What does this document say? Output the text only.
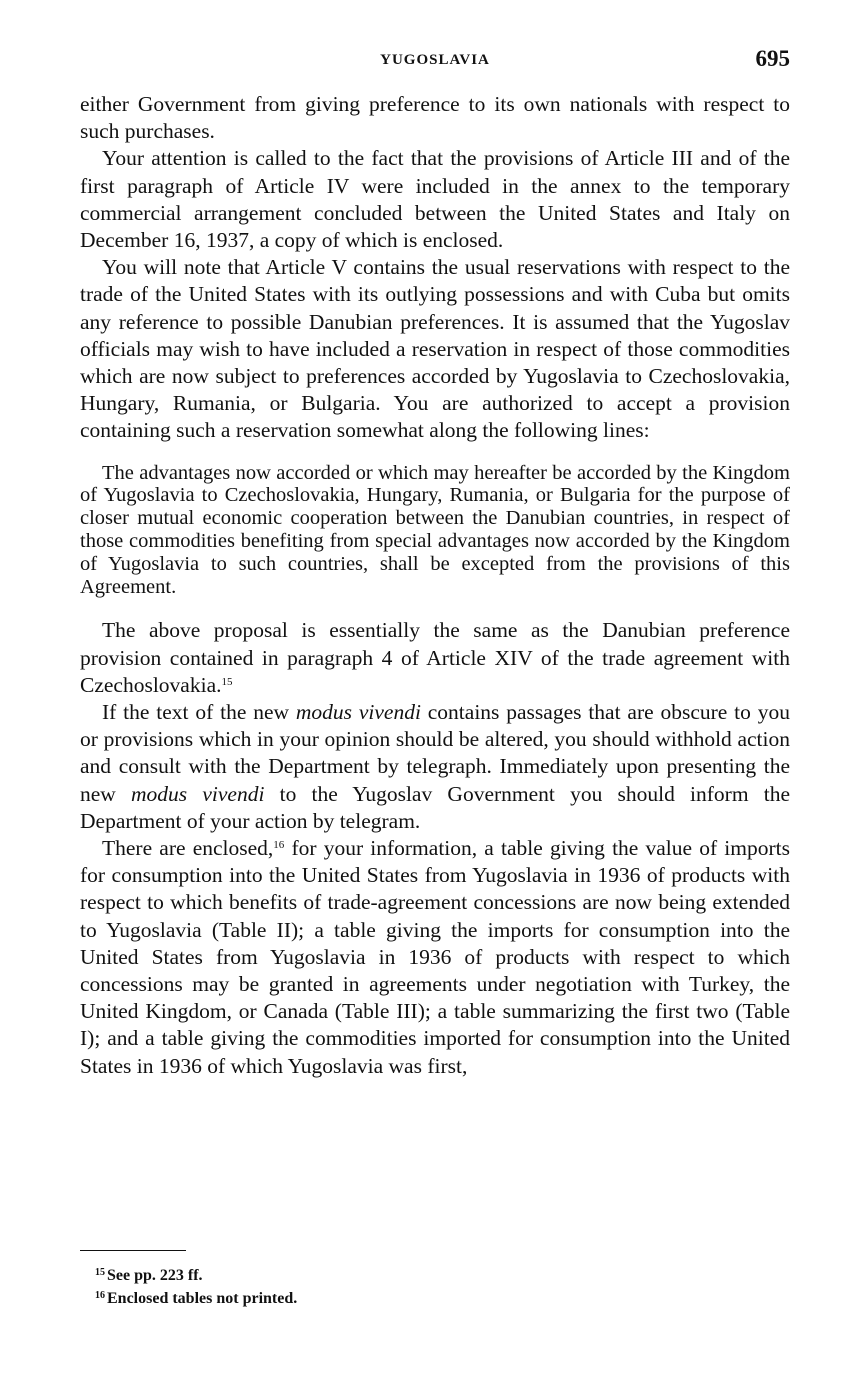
YUGOSLAVIA	695

either Government from giving preference to its own nationals with respect to such purchases.

Your attention is called to the fact that the provisions of Article III and of the first paragraph of Article IV were included in the annex to the temporary commercial arrangement concluded between the United States and Italy on December 16, 1937, a copy of which is enclosed.

You will note that Article V contains the usual reservations with respect to the trade of the United States with its outlying possessions and with Cuba but omits any reference to possible Danubian preferences. It is assumed that the Yugoslav officials may wish to have included a reservation in respect of those commodities which are now subject to preferences accorded by Yugoslavia to Czechoslovakia, Hungary, Rumania, or Bulgaria. You are authorized to accept a provision containing such a reservation somewhat along the following lines:

The advantages now accorded or which may hereafter be accorded by the Kingdom of Yugoslavia to Czechoslovakia, Hungary, Rumania, or Bulgaria for the purpose of closer mutual economic cooperation between the Danubian countries, in respect of those commodities benefiting from special advantages now accorded by the Kingdom of Yugoslavia to such countries, shall be excepted from the provisions of this Agreement.

The above proposal is essentially the same as the Danubian preference provision contained in paragraph 4 of Article XIV of the trade agreement with Czechoslovakia.$^{15}$

If the text of the new modus vivendi contains passages that are obscure to you or provisions which in your opinion should be altered, you should withhold action and consult with the Department by telegraph. Immediately upon presenting the new modus vivendi to the Yugoslav Government you should inform the Department of your action by telegram.

There are enclosed,$^{16}$ for your information, a table giving the value of imports for consumption into the United States from Yugoslavia in 1936 of products with respect to which benefits of trade-agreement concessions are now being extended to Yugoslavia (Table II); a table giving the imports for consumption into the United States from Yugoslavia in 1936 of products with respect to which concessions may be granted in agreements under negotiation with Turkey, the United Kingdom, or Canada (Table III); a table summarizing the first two (Table I); and a table giving the commodities imported for consumption into the United States in 1936 of which Yugoslavia was first,

$^{15}$ See pp. 223 ff.
$^{16}$ Enclosed tables not printed.
